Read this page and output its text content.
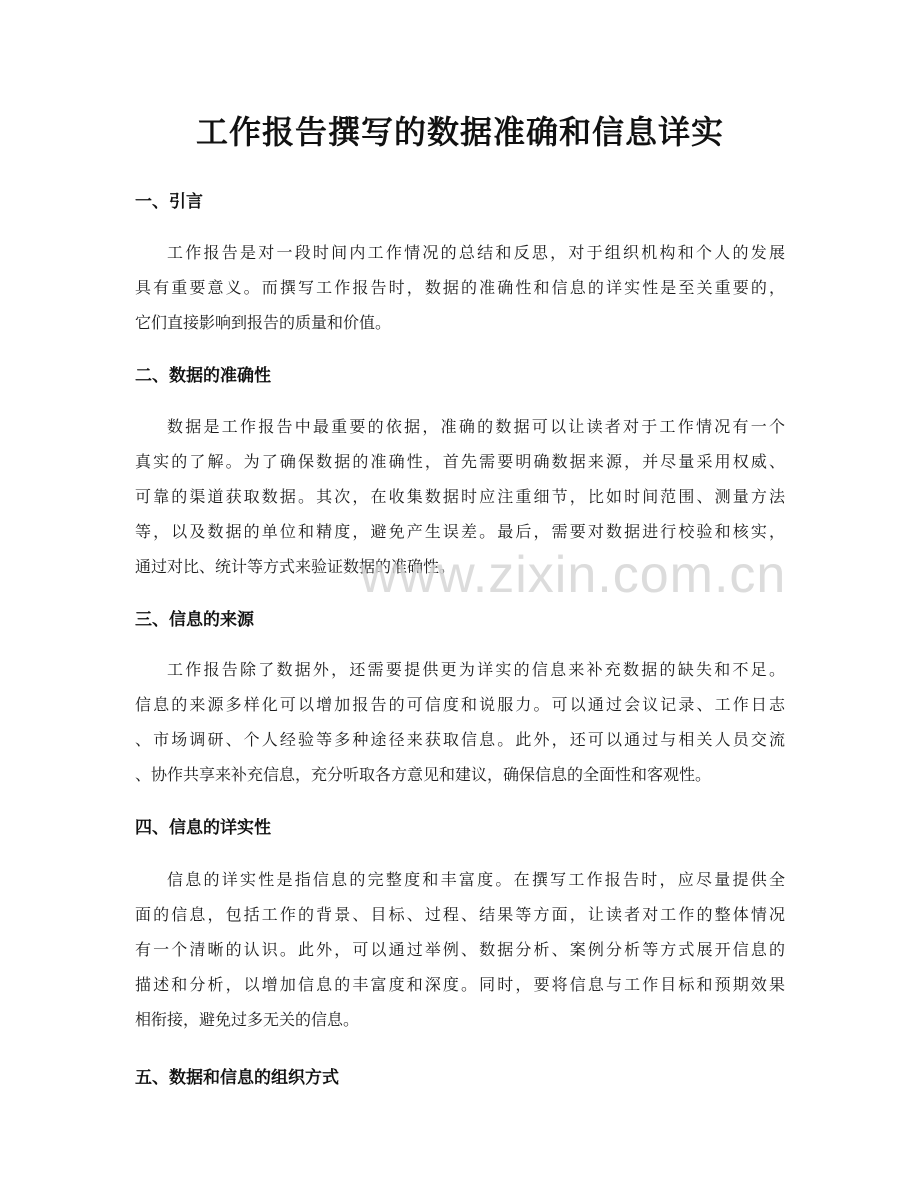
工作报告撰写的数据准确和信息详实
一、引言
工作报告是对一段时间内工作情况的总结和反思，对于组织机构和个人的发展
具有重要意义。而撰写工作报告时，数据的准确性和信息的详实性是至关重要的，
它们直接影响到报告的质量和价值。
二、数据的准确性
数据是工作报告中最重要的依据，准确的数据可以让读者对于工作情况有一个
真实的了解。为了确保数据的准确性，首先需要明确数据来源，并尽量采用权威、
可靠的渠道获取数据。其次，在收集数据时应注重细节，比如时间范围、测量方法
等，以及数据的单位和精度，避免产生误差。最后，需要对数据进行校验和核实，
通过对比、统计等方式来验证数据的准确性。
三、信息的来源
工作报告除了数据外，还需要提供更为详实的信息来补充数据的缺失和不足。
信息的来源多样化可以增加报告的可信度和说服力。可以通过会议记录、工作日志
、市场调研、个人经验等多种途径来获取信息。此外，还可以通过与相关人员交流
、协作共享来补充信息，充分听取各方意见和建议，确保信息的全面性和客观性。
四、信息的详实性
信息的详实性是指信息的完整度和丰富度。在撰写工作报告时，应尽量提供全
面的信息，包括工作的背景、目标、过程、结果等方面，让读者对工作的整体情况
有一个清晰的认识。此外，可以通过举例、数据分析、案例分析等方式展开信息的
描述和分析，以增加信息的丰富度和深度。同时，要将信息与工作目标和预期效果
相衔接，避免过多无关的信息。
五、数据和信息的组织方式
www.zixin.com.cn
